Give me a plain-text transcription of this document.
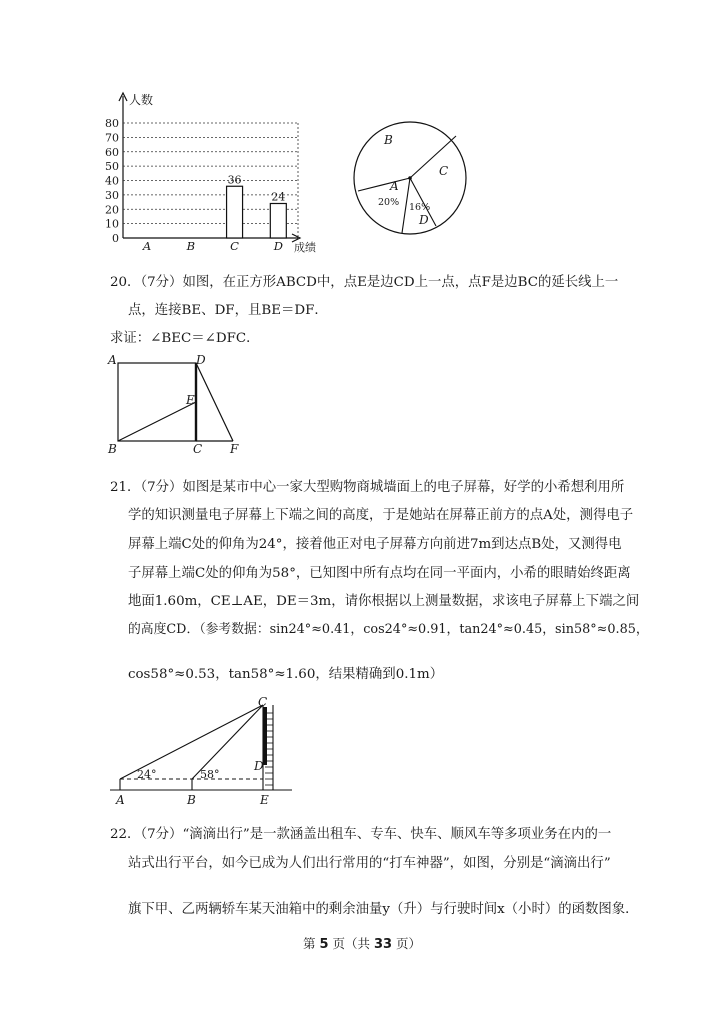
0
10
20
30
40
50
60
70
80
36
24
A	B	C	D
人数
成绩
B
C
A
20% 16%
D
20．（7分）如图，在正方形ABCD中，点E是边CD上一点，点F是边BC的延长线上一
点，连接BE、DF，且BE＝DF．
求证：∠BEC＝∠DFC．
A	D
E
B	C F
21．（7分）如图是某市中心一家大型购物商城墙面上的电子屏幕，好学的小希想利用所
学的知识测量电子屏幕上下端之间的高度，于是她站在屏幕正前方的点A处，测得电子
屏幕上端C处的仰角为24°，接着他正对电子屏幕方向前进7m到达点B处，又测得电
子屏幕上端C处的仰角为58°，已知图中所有点均在同一平面内，小希的眼睛始终距离
地面1.60m，CE⊥AE，DE＝3m，请你根据以上测量数据，求该电子屏幕上下端之间
的高度CD．（参考数据：sin24°≈0.41，cos24°≈0.91，tan24°≈0.45，sin58°≈0.85，
cos58°≈0.53，tan58°≈1.60，结果精确到0.1m）
24°	58°
C
D
A	B	E
22．（7分）“滴滴出行”是一款涵盖出租车、专车、快车、顺风车等多项业务在内的一
站式出行平台，如今已成为人们出行常用的“打车神器”，如图，分别是“滴滴出行”
旗下甲、乙两辆轿车某天油箱中的剩余油量y（升）与行驶时间x（小时）的函数图象．
第 5 页（共 33 页）
